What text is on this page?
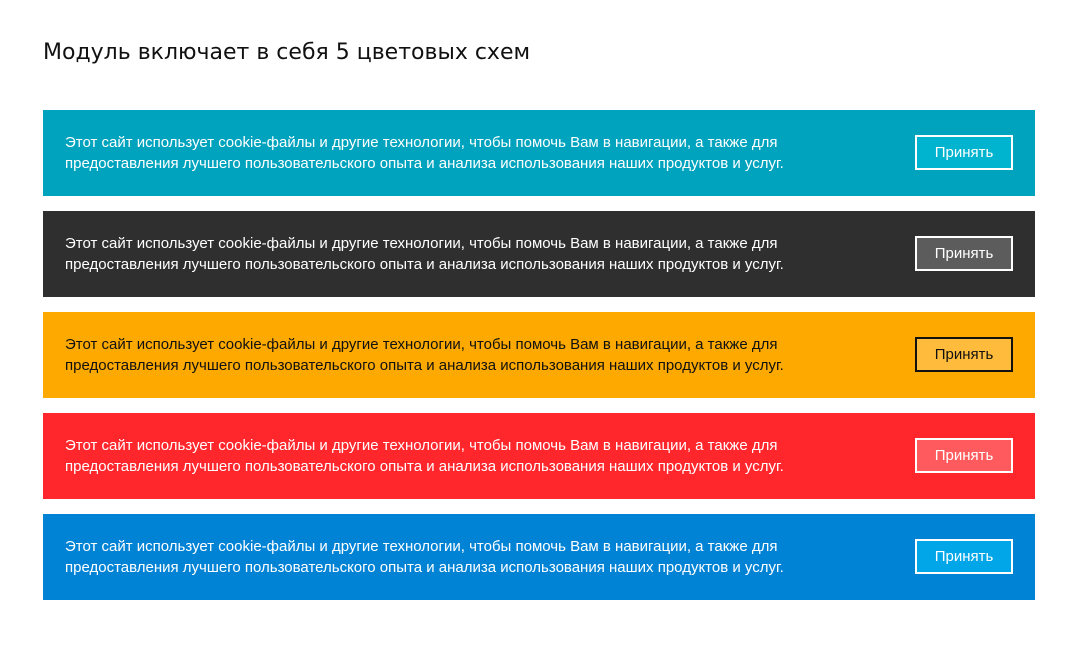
Модуль включает в себя 5 цветовых схем

Этот сайт использует cookie-файлы и другие технологии, чтобы помочь Вам в навигации, а также для предоставления лучшего пользовательского опыта и анализа использования наших продуктов и услуг.

Принять

Этот сайт использует cookie-файлы и другие технологии, чтобы помочь Вам в навигации, а также для предоставления лучшего пользовательского опыта и анализа использования наших продуктов и услуг.

Принять

Этот сайт использует cookie-файлы и другие технологии, чтобы помочь Вам в навигации, а также для предоставления лучшего пользовательского опыта и анализа использования наших продуктов и услуг.

Принять

Этот сайт использует cookie-файлы и другие технологии, чтобы помочь Вам в навигации, а также для предоставления лучшего пользовательского опыта и анализа использования наших продуктов и услуг.

Принять

Этот сайт использует cookie-файлы и другие технологии, чтобы помочь Вам в навигации, а также для предоставления лучшего пользовательского опыта и анализа использования наших продуктов и услуг.

Принять
